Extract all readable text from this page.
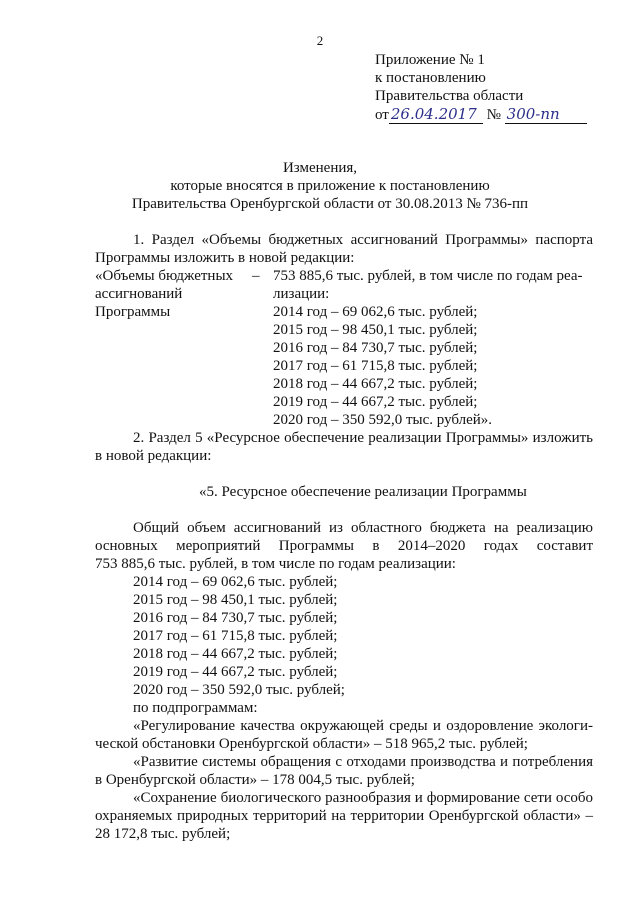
2
Приложение № 1
к постановлению
Правительства области
от 26.04.2017 № 300-пп
Изменения,
которые вносятся в приложение к постановлению
Правительства Оренбургской области от 30.08.2013 № 736-пп
1. Раздел «Объемы бюджетных ассигнований Программы» паспорта
Программы изложить в новой редакции:
«Объемы бюджетных
ассигнований
Программы
– 753 885,6 тыс. рублей, в том числе по годам реа-
лизации:
2014 год – 69 062,6 тыс. рублей;
2015 год – 98 450,1 тыс. рублей;
2016 год – 84 730,7 тыс. рублей;
2017 год – 61 715,8 тыс. рублей;
2018 год – 44 667,2 тыс. рублей;
2019 год – 44 667,2 тыс. рублей;
2020 год – 350 592,0 тыс. рублей».
2. Раздел 5 «Ресурсное обеспечение реализации Программы» изложить
в новой редакции:
«5. Ресурсное обеспечение реализации Программы
Общий объем ассигнований из областного бюджета на реализацию
основных мероприятий Программы в 2014–2020 годах составит
753 885,6 тыс. рублей, в том числе по годам реализации:
2014 год – 69 062,6 тыс. рублей;
2015 год – 98 450,1 тыс. рублей;
2016 год – 84 730,7 тыс. рублей;
2017 год – 61 715,8 тыс. рублей;
2018 год – 44 667,2 тыс. рублей;
2019 год – 44 667,2 тыс. рублей;
2020 год – 350 592,0 тыс. рублей;
по подпрограммам:
«Регулирование качества окружающей среды и оздоровление экологи-
ческой обстановки Оренбургской области» – 518 965,2 тыс. рублей;
«Развитие системы обращения с отходами производства и потребления
в Оренбургской области» – 178 004,5 тыс. рублей;
«Сохранение биологического разнообразия и формирование сети особо
охраняемых природных территорий на территории Оренбургской области» –
28 172,8 тыс. рублей;
